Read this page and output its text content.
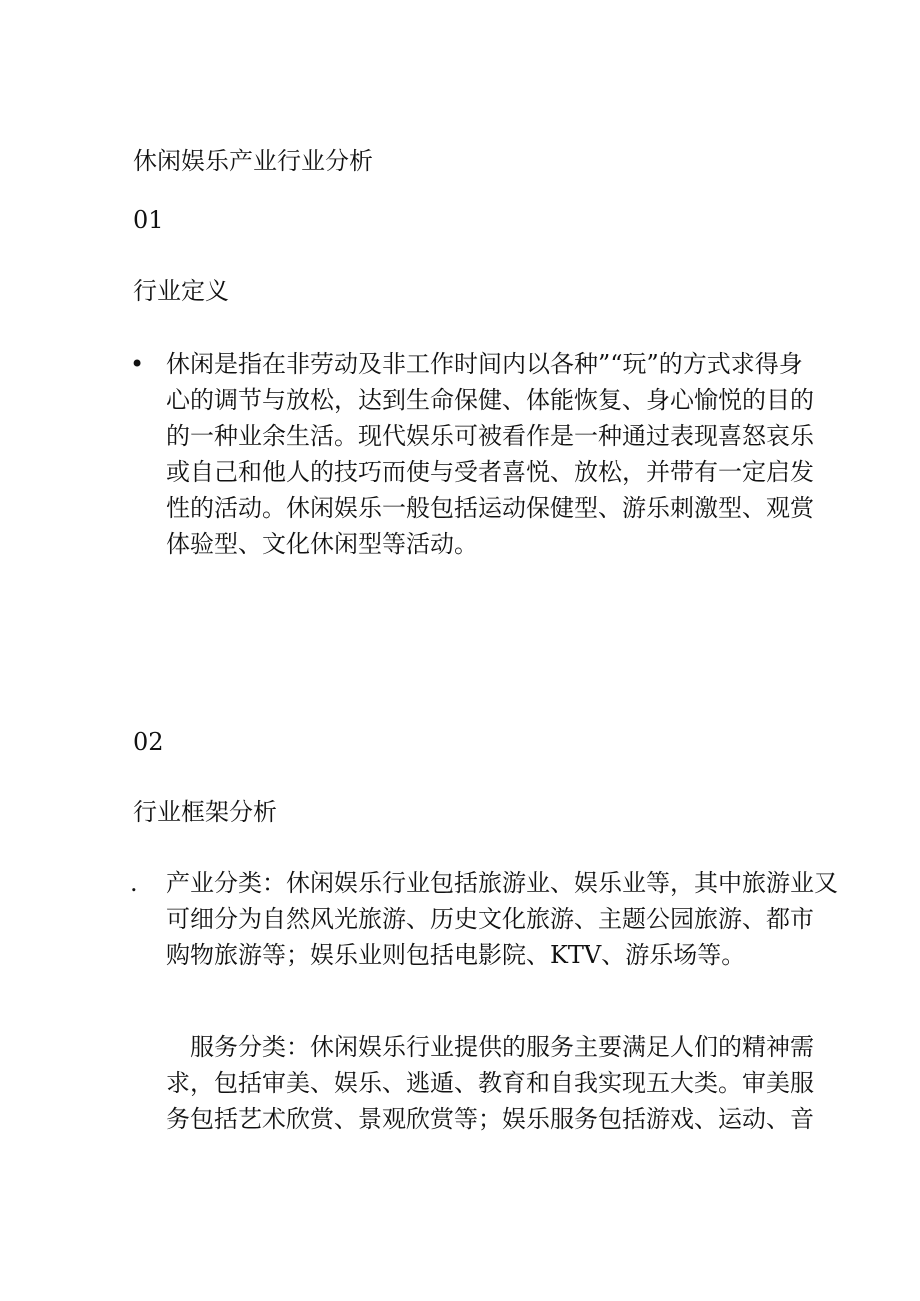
休闲娱乐产业行业分析
01
行业定义
• 休闲是指在非劳动及非工作时间内以各种”“玩”的方式求得身
心的调节与放松，达到生命保健、体能恢复、身心愉悦的目的
的一种业余生活。现代娱乐可被看作是一种通过表现喜怒哀乐
或自己和他人的技巧而使与受者喜悦、放松，并带有一定启发
性的活动。休闲娱乐一般包括运动保健型、游乐刺激型、观赏
体验型、文化休闲型等活动。
02
行业框架分析
. 产业分类：休闲娱乐行业包括旅游业、娱乐业等，其中旅游业又
可细分为自然风光旅游、历史文化旅游、主题公园旅游、都市
购物旅游等；娱乐业则包括电影院、KTV、游乐场等。
服务分类：休闲娱乐行业提供的服务主要满足人们的精神需
求，包括审美、娱乐、逃遁、教育和自我实现五大类。审美服
务包括艺术欣赏、景观欣赏等；娱乐服务包括游戏、运动、音
